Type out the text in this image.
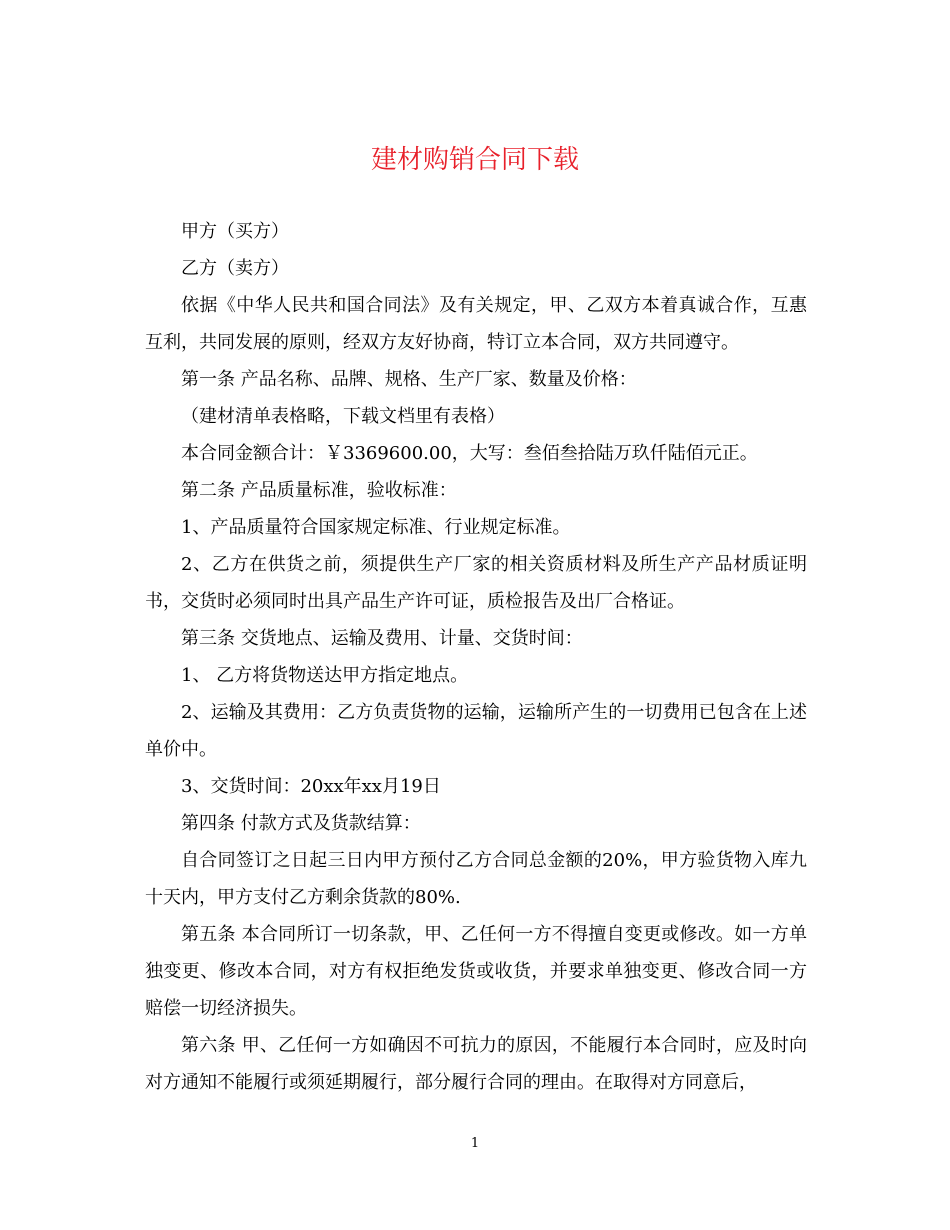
建材购销合同下载

甲方（买方）

乙方（卖方）

依据《中华人民共和国合同法》及有关规定，甲、乙双方本着真诚合作，互惠互利，共同发展的原则，经双方友好协商，特订立本合同，双方共同遵守。

第一条 产品名称、品牌、规格、生产厂家、数量及价格：

（建材清单表格略，下载文档里有表格）

本合同金额合计：￥3369600.00，大写：叁佰叁拾陆万玖仟陆佰元正。

第二条 产品质量标准，验收标准：

1、产品质量符合国家规定标准、行业规定标准。

2、乙方在供货之前，须提供生产厂家的相关资质材料及所生产产品材质证明书，交货时必须同时出具产品生产许可证，质检报告及出厂合格证。

第三条 交货地点、运输及费用、计量、交货时间：

1、 乙方将货物送达甲方指定地点。

2、运输及其费用：乙方负责货物的运输，运输所产生的一切费用已包含在上述单价中。

3、交货时间：20xx年xx月19日

第四条 付款方式及货款结算：

自合同签订之日起三日内甲方预付乙方合同总金额的20%，甲方验货物入库九十天内，甲方支付乙方剩余货款的80%.

第五条 本合同所订一切条款，甲、乙任何一方不得擅自变更或修改。如一方单独变更、修改本合同，对方有权拒绝发货或收货，并要求单独变更、修改合同一方赔偿一切经济损失。

第六条 甲、乙任何一方如确因不可抗力的原因，不能履行本合同时，应及时向对方通知不能履行或须延期履行，部分履行合同的理由。在取得对方同意后，

1
